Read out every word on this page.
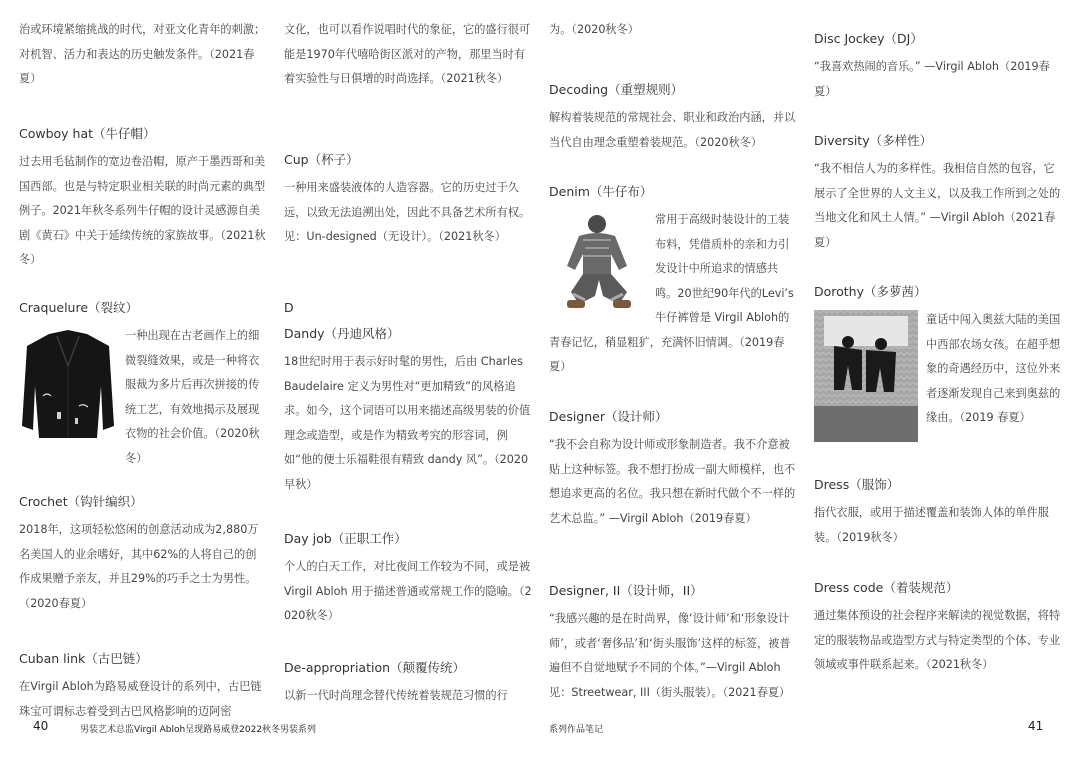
治或环境紧缩挑战的时代，对亚文化青年的刺激；对机智、活力和表达的历史触发条件。（2021春夏）

Cowboy hat（牛仔帽）

过去用毛毡制作的宽边卷沿帽，原产于墨西哥和美国西部。也是与特定职业相关联的时尚元素的典型例子。2021年秋冬系列牛仔帽的设计灵感源自美剧《黄石》中关于延续传统的家族故事。（2021秋冬）

Craquelure（裂纹）

一种出现在古老画作上的细微裂缝效果，或是一种将衣服裁为多片后再次拼接的传统工艺，有效地揭示及展现衣物的社会价值。（2020秋冬）

Crochet（钩针编织）

2018年，这项轻松悠闲的创意活动成为2,880万名美国人的业余嗜好，其中62%的人将自己的创作成果赠予亲友，并且29%的巧手之士为男性。（2020春夏）

Cuban link（古巴链）

在Virgil Abloh为路易威登设计的系列中，古巴链珠宝可谓标志着受到古巴风格影响的迈阿密

文化，也可以看作说唱时代的象征，它的盛行很可能是1970年代嘻哈街区派对的产物，那里当时有着实验性与日俱增的时尚选择。（2021秋冬）

Cup（杯子）

一种用来盛装液体的人造容器。它的历史过于久远，以致无法追溯出处，因此不具备艺术所有权。见：Un-designed（无设计）。（2021秋冬）

D
Dandy（丹迪风格）

18世纪时用于表示好时髦的男性，后由 Charles Baudelaire 定义为男性对“更加精致”的风格追求。如今，这个词语可以用来描述高级男装的价值理念或造型，或是作为精致考究的形容词，例如“他的便士乐福鞋很有精致 dandy 风”。（2020早秋）

Day job（正职工作）

个人的白天工作，对比夜间工作较为不同，或是被 Virgil Abloh 用于描述普通或常规工作的隐喻。（2020秋冬）

De-appropriation（颠覆传统）

以新一代时尚理念替代传统着装规范习惯的行

为。（2020秋冬）

Decoding（重塑规则）

解构着装规范的常规社会、职业和政治内涵，并以当代自由理念重塑着装规范。（2020秋冬）

Denim（牛仔布）

常用于高级时装设计的工装布料，凭借质朴的亲和力引发设计中所追求的情感共鸣。20世纪90年代的Levi’s 牛仔裤曾是 Virgil Abloh的青春记忆，稍显粗犷，充满怀旧情调。（2019春夏）

Designer（设计师）

“我不会自称为设计师或形象制造者。我不介意被贴上这种标签。我不想打扮成一副大师模样，也不想追求更高的名位。我只想在新时代做个不一样的艺术总监。” —Virgil Abloh（2019春夏）

Designer, II（设计师，II）

“我感兴趣的是在时尚界，像‘设计师’和‘形象设计师’，或者‘奢侈品’和‘街头服饰’这样的标签，被普遍但不自觉地赋予不同的个体。”—Virgil Abloh见：Streetwear, III（街头服装）。（2021春夏）

Disc Jockey（DJ）

“我喜欢热闹的音乐。” —Virgil Abloh（2019春夏）

Diversity（多样性）

“我不相信人为的多样性。我相信自然的包容，它展示了全世界的人文主义，以及我工作所到之处的当地文化和风土人情。” —Virgil Abloh（2021春夏）

Dorothy（多萝茜）

童话中闯入奥兹大陆的美国中西部农场女孩。在超乎想象的奇遇经历中，这位外来者逐渐发现自己来到奥兹的缘由。（2019 春夏）

Dress（服饰）

指代衣服，或用于描述覆盖和装饰人体的单件服装。（2019秋冬）

Dress code（着装规范）

通过集体预设的社会程序来解读的视觉数据，将特定的服装物品或造型方式与特定类型的个体、专业领域或事件联系起来。（2021秋冬）

40	男装艺术总监Virgil Abloh呈现路易威登2022秋冬男装系列	系列作品笔记	41
